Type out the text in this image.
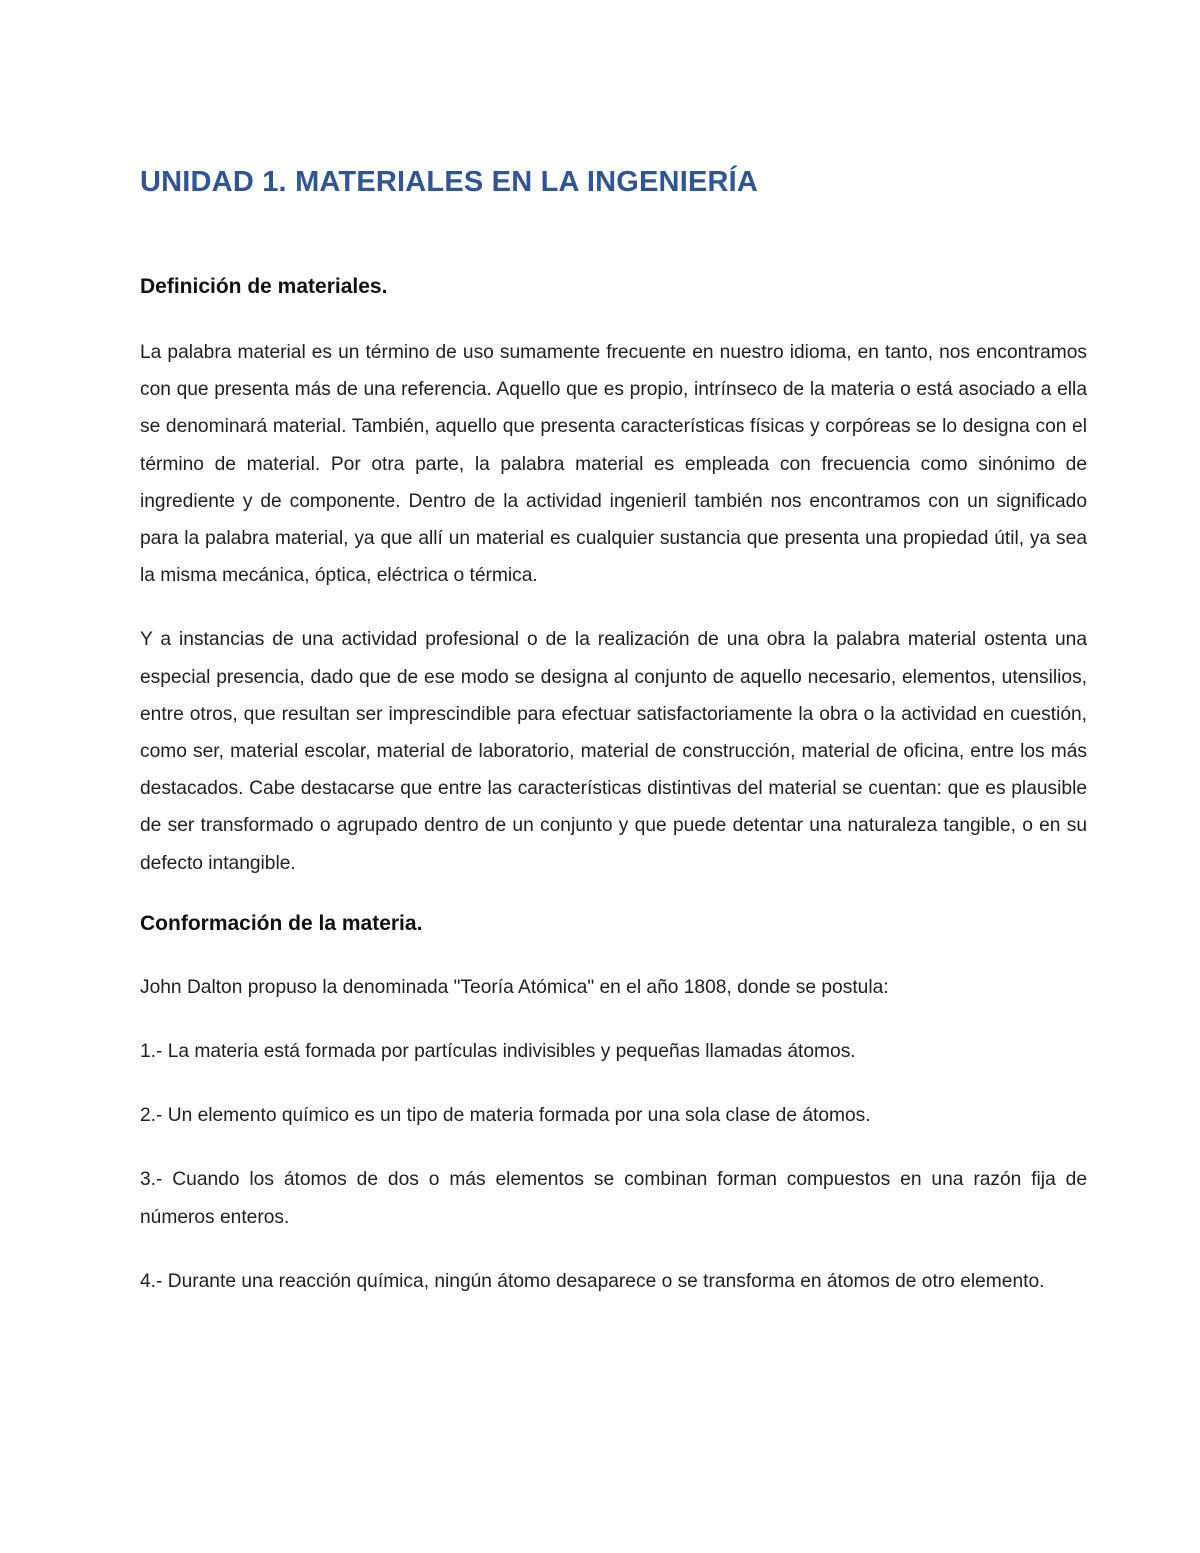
UNIDAD 1. MATERIALES EN LA INGENIERÍA
Definición de materiales.

La palabra material es un término de uso sumamente frecuente en nuestro idioma, en tanto, nos encontramos con que presenta más de una referencia. Aquello que es propio, intrínseco de la materia o está asociado a ella se denominará material. También, aquello que presenta características físicas y corpóreas se lo designa con el término de material. Por otra parte, la palabra material es empleada con frecuencia como sinónimo de ingrediente y de componente. Dentro de la actividad ingenieril también nos encontramos con un significado para la palabra material, ya que allí un material es cualquier sustancia que presenta una propiedad útil, ya sea la misma mecánica, óptica, eléctrica o térmica.

Y a instancias de una actividad profesional o de la realización de una obra la palabra material ostenta una especial presencia, dado que de ese modo se designa al conjunto de aquello necesario, elementos, utensilios, entre otros, que resultan ser imprescindible para efectuar satisfactoriamente la obra o la actividad en cuestión, como ser, material escolar, material de laboratorio, material de construcción, material de oficina, entre los más destacados. Cabe destacarse que entre las características distintivas del material se cuentan: que es plausible de ser transformado o agrupado dentro de un conjunto y que puede detentar una naturaleza tangible, o en su defecto intangible.

Conformación de la materia.

John Dalton propuso la denominada "Teoría Atómica" en el año 1808, donde se postula:

1.- La materia está formada por partículas indivisibles y pequeñas llamadas átomos.

2.- Un elemento químico es un tipo de materia formada por una sola clase de átomos.

3.- Cuando los átomos de dos o más elementos se combinan forman compuestos en una razón fija de números enteros.

4.- Durante una reacción química, ningún átomo desaparece o se transforma en átomos de otro elemento.
